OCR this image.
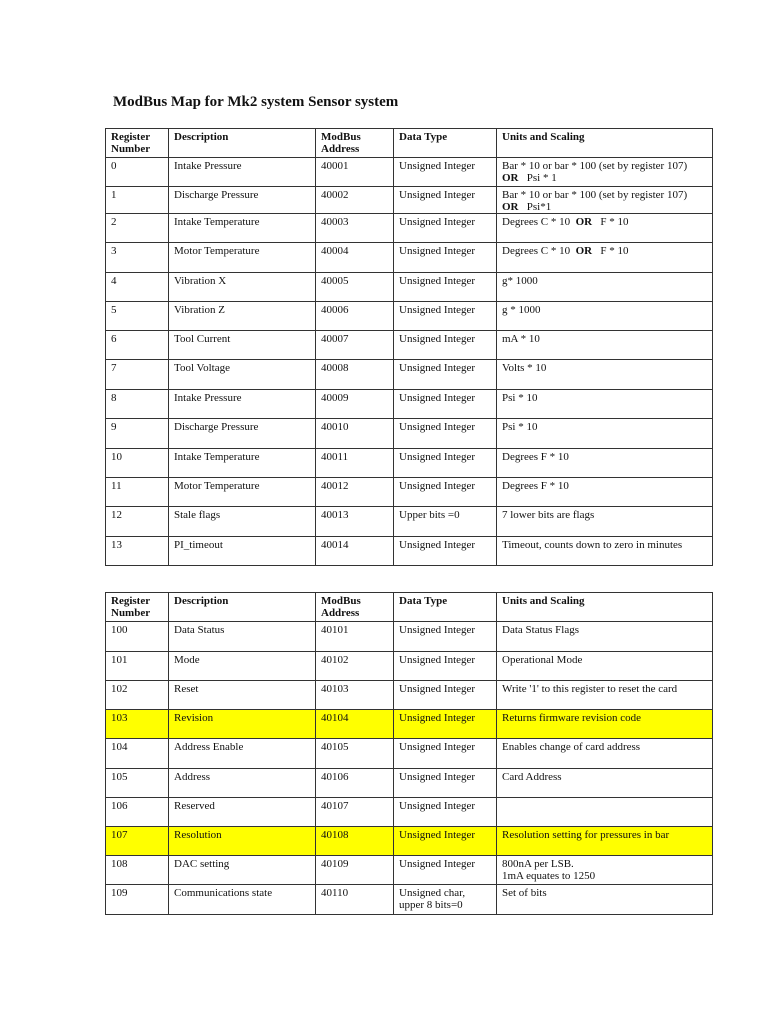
ModBus Map for Mk2 system Sensor system
Register Number	Description	ModBus Address	Data Type	Units and Scaling
0	Intake Pressure	40001	Unsigned Integer	Bar * 10 or bar * 100 (set by register 107)
OR Psi * 1

1	Discharge Pressure	40002	Unsigned Integer	Bar * 10 or bar * 100 (set by register 107)
OR Psi*1

2	Intake Temperature	40003	Unsigned Integer	Degrees C * 10 OR F * 10
3	Motor Temperature	40004	Unsigned Integer	Degrees C * 10 OR F * 10
4	Vibration X	40005	Unsigned Integer	g* 1000
5	Vibration Z	40006	Unsigned Integer	g * 1000
6	Tool Current	40007	Unsigned Integer	mA * 10
7	Tool Voltage	40008	Unsigned Integer	Volts * 10
8	Intake Pressure	40009	Unsigned Integer	Psi * 10
9	Discharge Pressure	40010	Unsigned Integer	Psi * 10
10	Intake Temperature	40011	Unsigned Integer	Degrees F * 10
11	Motor Temperature	40012	Unsigned Integer	Degrees F * 10
12	Stale flags	40013	Upper bits =0	7 lower bits are flags
13	PI_timeout	40014	Unsigned Integer	Timeout, counts down to zero in minutes
Register Number	Description	ModBus Address	Data Type	Units and Scaling
100	Data Status	40101	Unsigned Integer	Data Status Flags
101	Mode	40102	Unsigned Integer	Operational Mode
102	Reset	40103	Unsigned Integer	Write '1' to this register to reset the card
103	Revision	40104	Unsigned Integer	Returns firmware revision code
104	Address Enable	40105	Unsigned Integer	Enables change of card address
105	Address	40106	Unsigned Integer	Card Address
106	Reserved	40107	Unsigned Integer	
107	Resolution	40108	Unsigned Integer	Resolution setting for pressures in bar
108	DAC setting	40109	Unsigned Integer	800nA per LSB.
1mA equates to 1250

109	Communications state	40110	Unsigned char,
upper 8 bits=0	Set of bits
